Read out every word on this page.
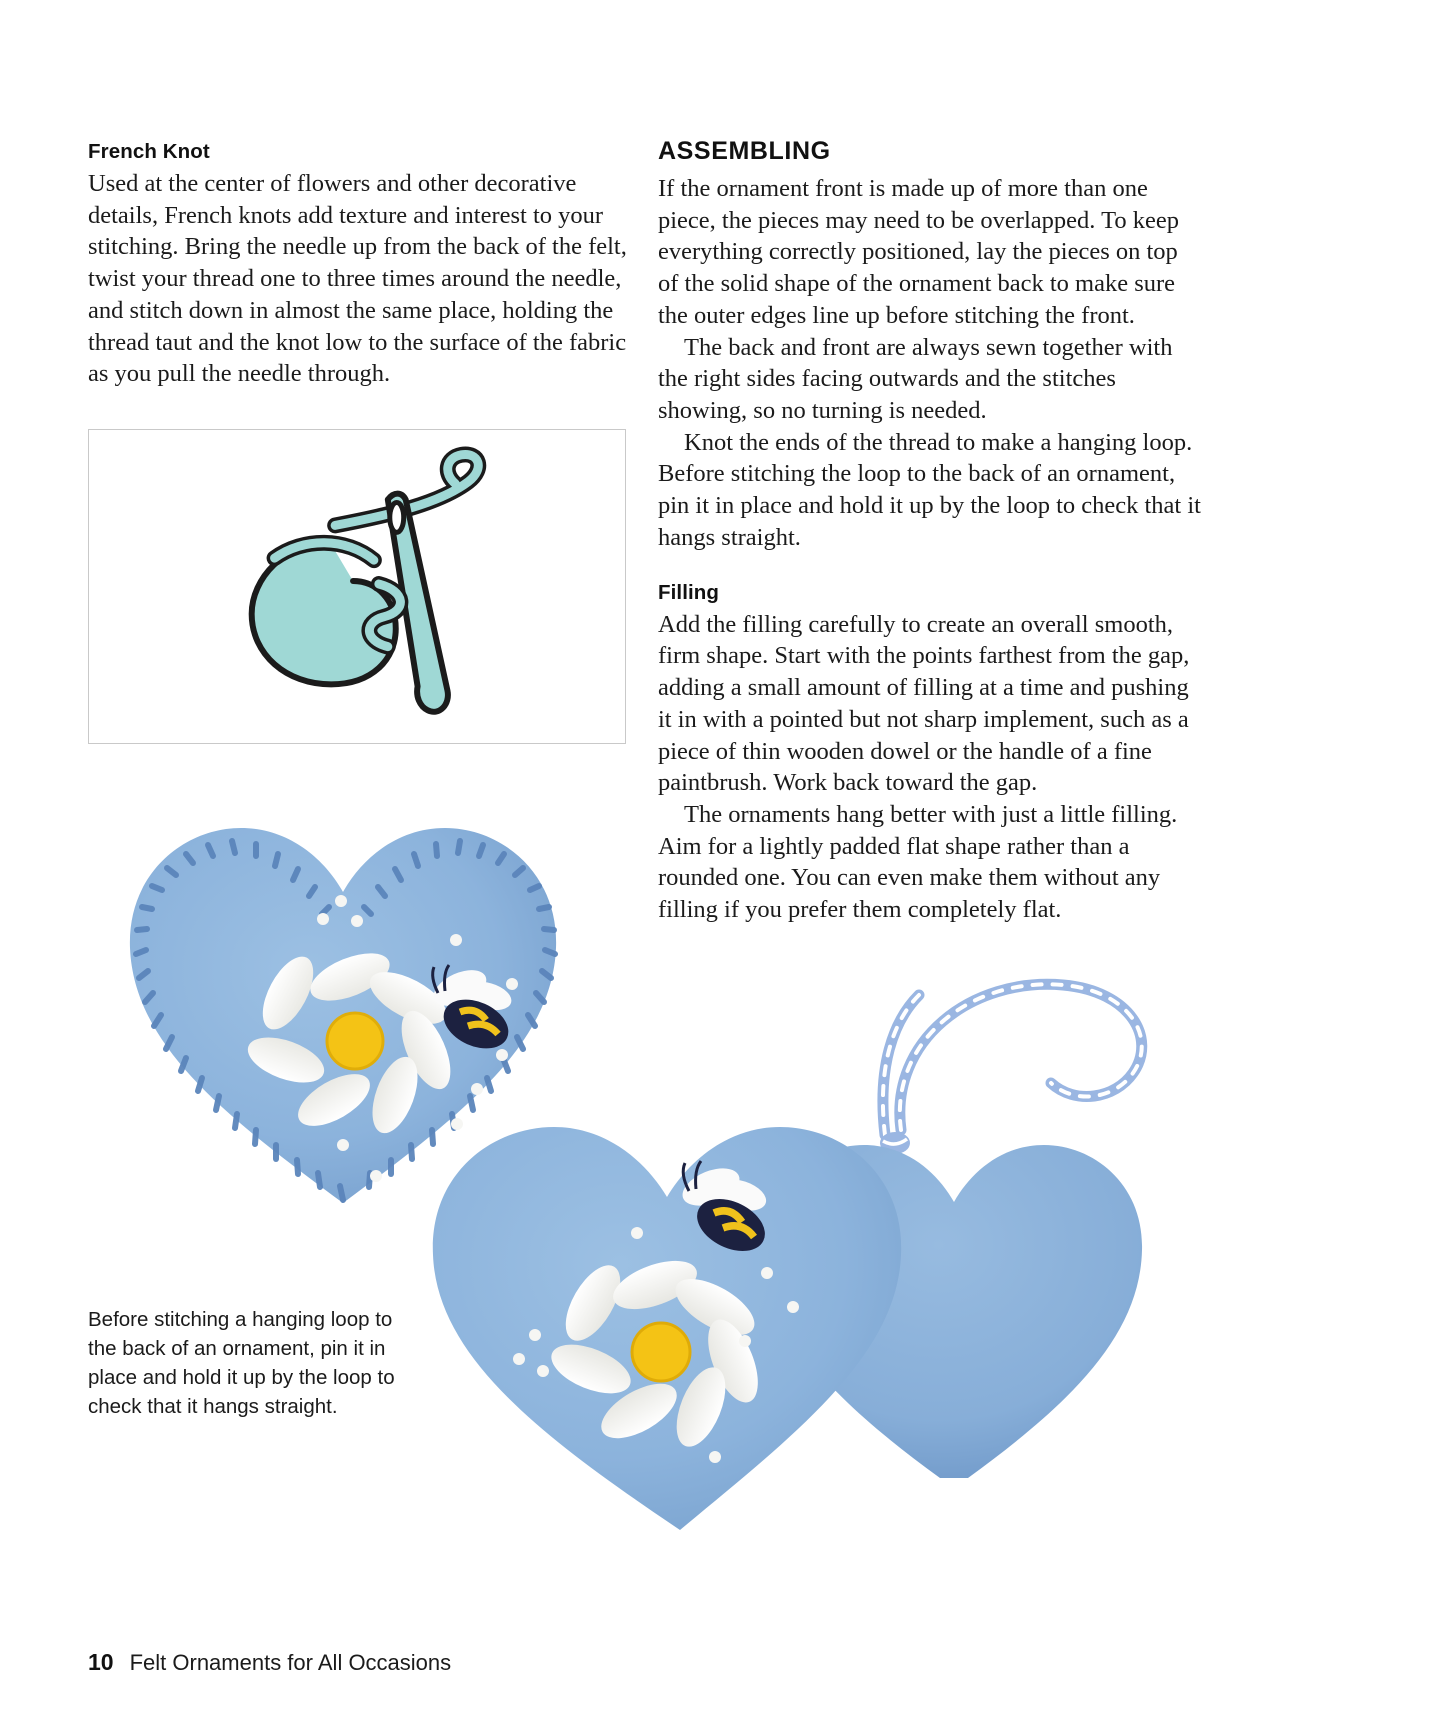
French Knot

Used at the center of flowers and other decorative details, French knots add texture and interest to your stitching. Bring the needle up from the back of the felt, twist your thread one to three times around the needle, and stitch down in almost the same place, holding the thread taut and the knot low to the surface of the fabric as you pull the needle through.

ASSEMBLING

If the ornament front is made up of more than one piece, the pieces may need to be overlapped. To keep everything correctly positioned, lay the pieces on top of the solid shape of the ornament back to make sure the outer edges line up before stitching the front.

The back and front are always sewn together with the right sides facing outwards and the stitches showing, so no turning is needed.

Knot the ends of the thread to make a hanging loop. Before stitching the loop to the back of an ornament, pin it in place and hold it up by the loop to check that it hangs straight.

Filling

Add the filling carefully to create an overall smooth, firm shape. Start with the points farthest from the gap, adding a small amount of filling at a time and pushing it in with a pointed but not sharp implement, such as a piece of thin wooden dowel or the handle of a fine paintbrush. Work back toward the gap.

The ornaments hang better with just a little filling. Aim for a lightly padded flat shape rather than a rounded one. You can even make them without any filling if you prefer them completely flat.

Before stitching a hanging loop to the back of an ornament, pin it in place and hold it up by the loop to check that it hangs straight.
10 Felt Ornaments for All Occasions
